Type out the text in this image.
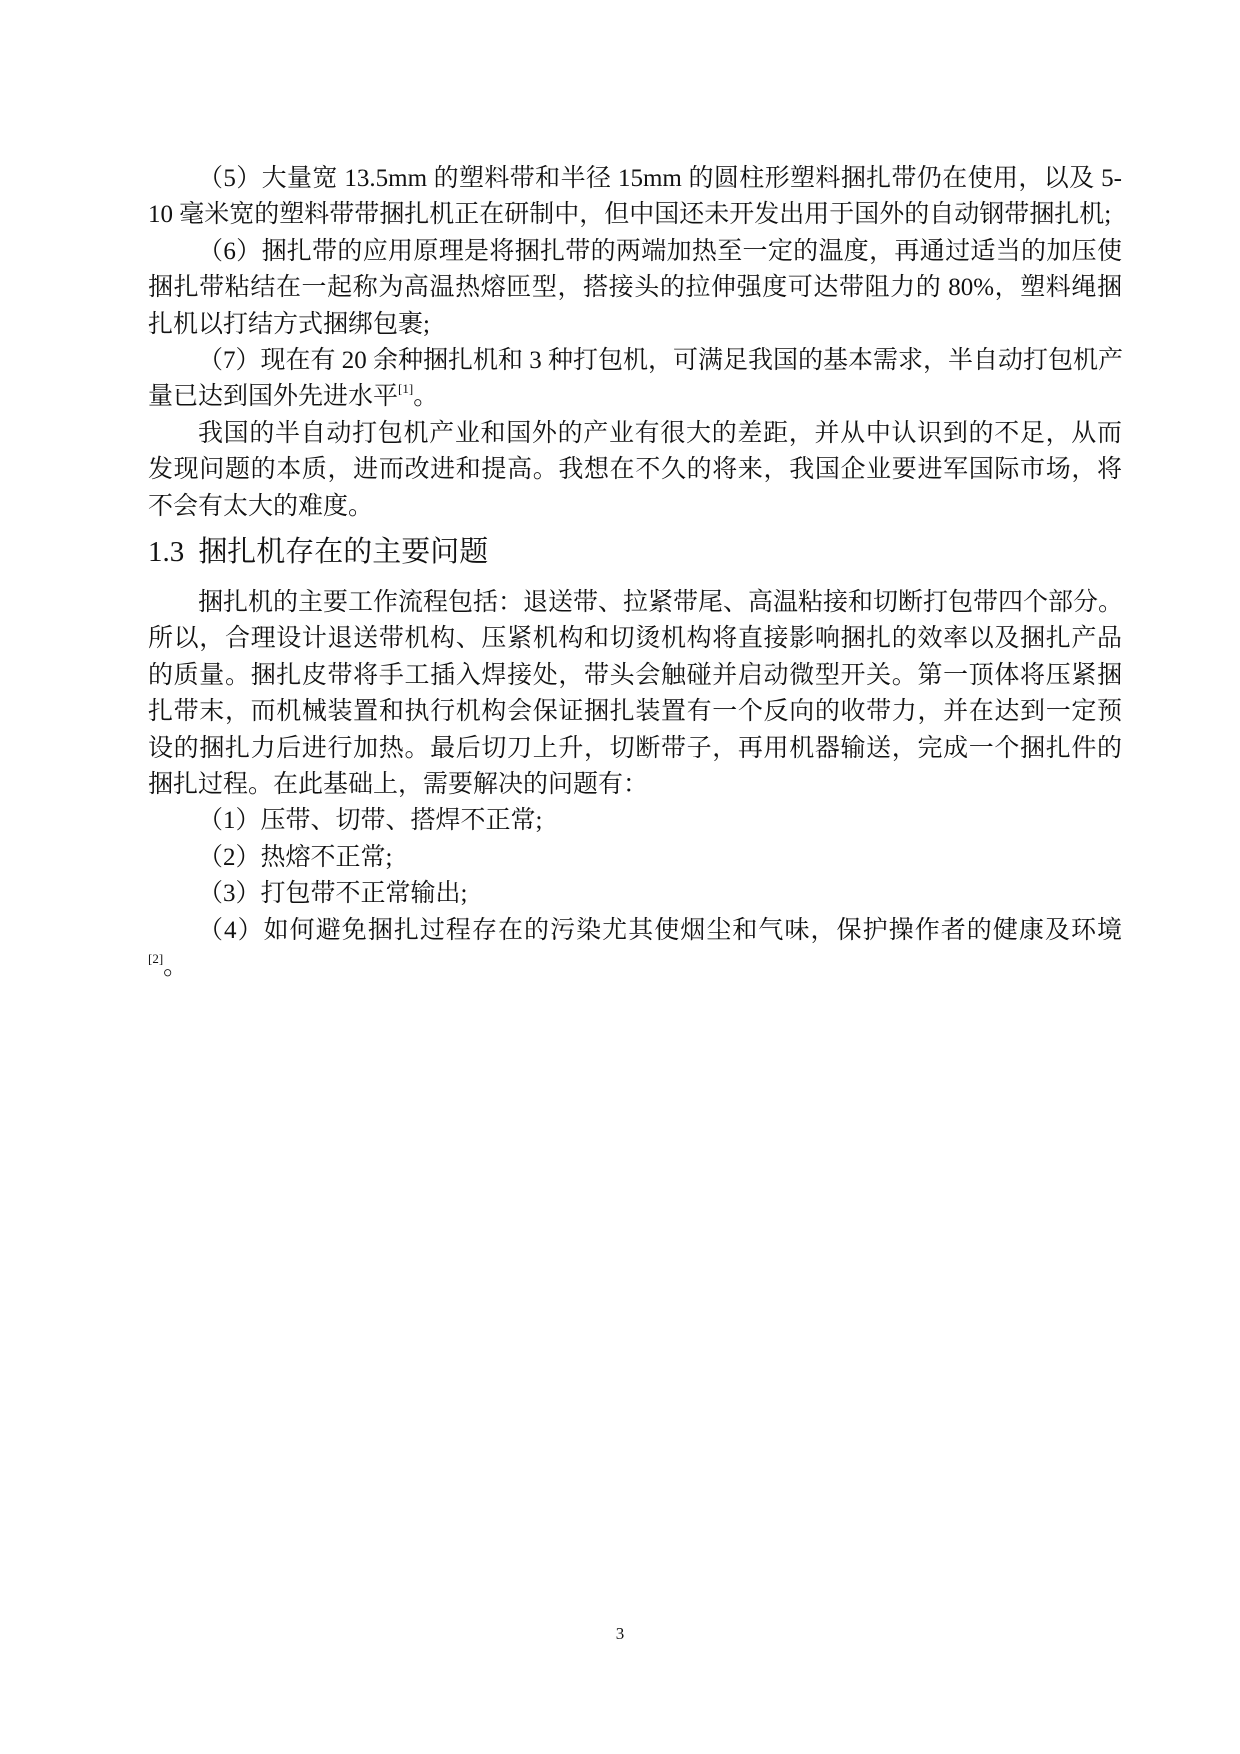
（5）大量宽 13.5mm 的塑料带和半径 15mm 的圆柱形塑料捆扎带仍在使用，以及 5-
10 毫米宽的塑料带带捆扎机正在研制中，但中国还未开发出用于国外的自动钢带捆扎机;
（6）捆扎带的应用原理是将捆扎带的两端加热至一定的温度，再通过适当的加压使
捆扎带粘结在一起称为高温热熔匝型，搭接头的拉伸强度可达带阻力的 80%，塑料绳捆
扎机以打结方式捆绑包裹;
（7）现在有 20 余种捆扎机和 3 种打包机，可满足我国的基本需求，半自动打包机产
量已达到国外先进水平[1]。
我国的半自动打包机产业和国外的产业有很大的差距，并从中认识到的不足，从而
发现问题的本质，进而改进和提高。我想在不久的将来，我国企业要进军国际市场，将
不会有太大的难度。
1.3 捆扎机存在的主要问题
捆扎机的主要工作流程包括：退送带、拉紧带尾、高温粘接和切断打包带四个部分。
所以，合理设计退送带机构、压紧机构和切烫机构将直接影响捆扎的效率以及捆扎产品
的质量。捆扎皮带将手工插入焊接处，带头会触碰并启动微型开关。第一顶体将压紧捆
扎带末，而机械装置和执行机构会保证捆扎装置有一个反向的收带力，并在达到一定预
设的捆扎力后进行加热。最后切刀上升，切断带子，再用机器输送，完成一个捆扎件的
捆扎过程。在此基础上，需要解决的问题有：
（1）压带、切带、搭焊不正常;
（2）热熔不正常;
（3）打包带不正常输出;
（4）如何避免捆扎过程存在的污染尤其使烟尘和气味，保护操作者的健康及环境
[2]。
3
